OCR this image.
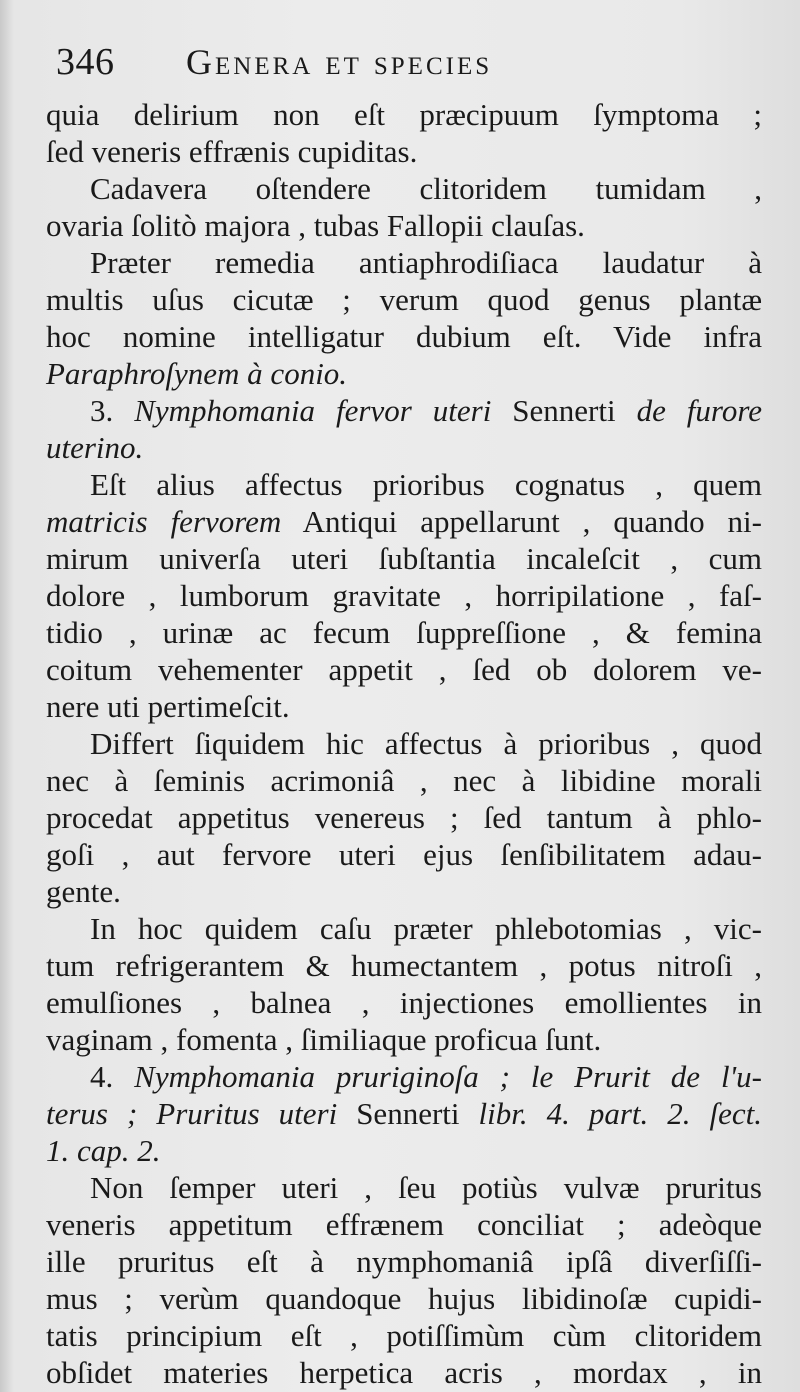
346	Genera et species
quia delirium non eſt præcipuum ſymptoma ;
ſed veneris effrænis cupiditas.
Cadavera oſtendere clitoridem tumidam ,
ovaria ſolitò majora , tubas Fallopii clauſas.
Præter remedia antiaphrodiſiaca laudatur à
multis uſus cicutæ ; verum quod genus plantæ
hoc nomine intelligatur dubium eſt. Vide infra
Paraphroſynem à conio.
3. Nymphomania fervor uteri Sennerti de furore
uterino.
Eſt alius affectus prioribus cognatus , quem
matricis fervorem Antiqui appellarunt , quando ni-
mirum univerſa uteri ſubſtantia incaleſcit , cum
dolore , lumborum gravitate , horripilatione , faſ-
tidio , urinæ ac fecum ſuppreſſione , & femina
coitum vehementer appetit , ſed ob dolorem ve-
nere uti pertimeſcit.
Differt ſiquidem hic affectus à prioribus , quod
nec à ſeminis acrimoniâ , nec à libidine morali
procedat appetitus venereus ; ſed tantum à phlo-
goſi , aut fervore uteri ejus ſenſibilitatem adau-
gente.
In hoc quidem caſu præter phlebotomias , vic-
tum refrigerantem & humectantem , potus nitroſi ,
emulſiones , balnea , injectiones emollientes in
vaginam , fomenta , ſimiliaque proficua ſunt.
4. Nymphomania pruriginoſa ; le Prurit de l'u-
terus ; Pruritus uteri Sennerti libr. 4. part. 2. ſect.
1. cap. 2.
Non ſemper uteri , ſeu potiùs vulvæ pruritus
veneris appetitum effrænem conciliat ; adeòque
ille pruritus eſt à nymphomaniâ ipſâ diverſiſſi-
mus ; verùm quandoque hujus libidinoſæ cupidi-
tatis principium eſt , potiſſimùm cùm clitoridem
obſidet materies herpetica acris , mordax , in
